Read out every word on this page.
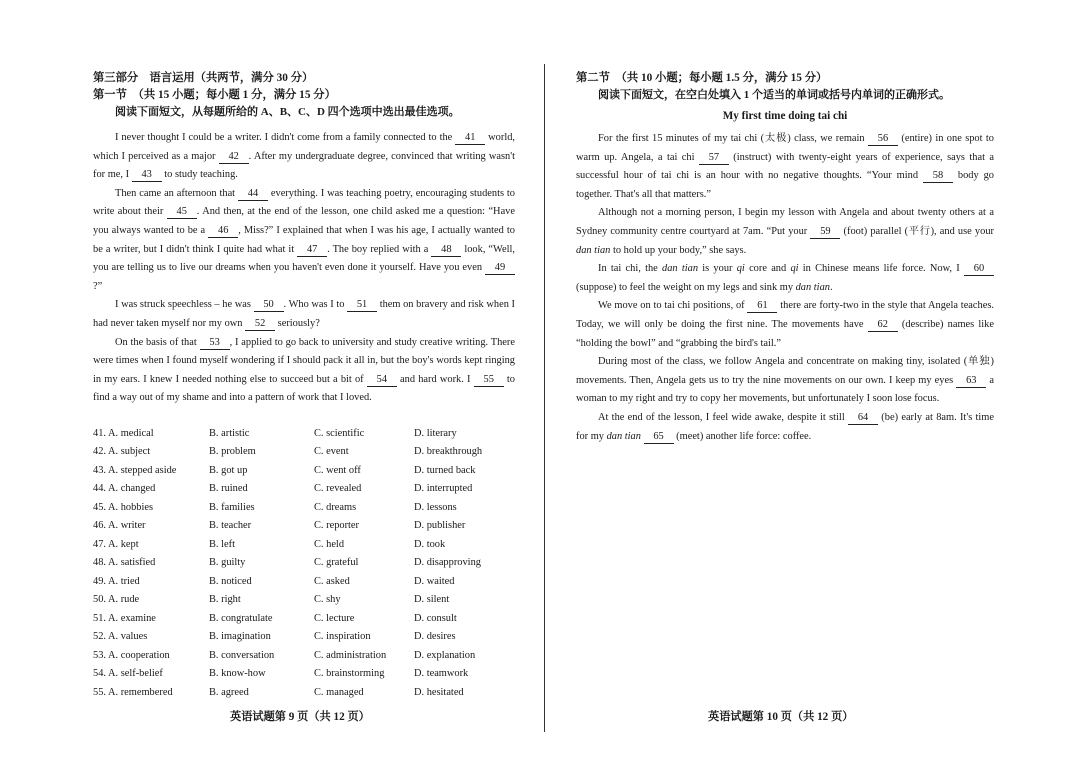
第三部分　语言运用（共两节，满分 30 分）
第一节　（共 15 小题；每小题 1 分，满分 15 分）
阅读下面短文，从每题所给的 A、B、C、D 四个选项中选出最佳选项。

I never thought I could be a writer. I didn't come from a family connected to the 41 world, which I perceived as a major 42 . After my undergraduate degree, convinced that writing wasn't for me, I 43 to study teaching.

Then came an afternoon that 44 everything. I was teaching poetry, encouraging students to write about their 45 . And then, at the end of the lesson, one child asked me a question: “Have you always wanted to be a 46 , Miss?” I explained that when I was his age, I actually wanted to be a writer, but I didn't think I quite had what it 47 . The boy replied with a 48 look, “Well, you are telling us to live our dreams when you haven't even done it yourself. Have you even 49 ?”

I was struck speechless – he was 50 . Who was I to 51 them on bravery and risk when I had never taken myself nor my own 52 seriously?

On the basis of that 53 , I applied to go back to university and study creative writing. There were times when I found myself wondering if I should pack it all in, but the boy's words kept ringing in my ears. I knew I needed nothing else to succeed but a bit of 54 and hard work. I 55 to find a way out of my shame and into a pattern of work that I loved.

41. A. medical	B. artistic	C. scientific	D. literary
42. A. subject	B. problem	C. event	D. breakthrough
43. A. stepped aside	B. got up	C. went off	D. turned back
44. A. changed	B. ruined	C. revealed	D. interrupted
45. A. hobbies	B. families	C. dreams	D. lessons
46. A. writer	B. teacher	C. reporter	D. publisher
47. A. kept	B. left	C. held	D. took
48. A. satisfied	B. guilty	C. grateful	D. disapproving
49. A. tried	B. noticed	C. asked	D. waited
50. A. rude	B. right	C. shy	D. silent
51. A. examine	B. congratulate	C. lecture	D. consult
52. A. values	B. imagination	C. inspiration	D. desires
53. A. cooperation	B. conversation	C. administration	D. explanation
54. A. self-belief	B. know-how	C. brainstorming	D. teamwork
55. A. remembered	B. agreed	C. managed	D. hesitated
英语试题第 9 页（共 12 页）
第二节　（共 10 小题；每小题 1.5 分，满分 15 分）
阅读下面短文，在空白处填入 1 个适当的单词或括号内单词的正确形式。
My first time doing tai chi

For the first 15 minutes of my tai chi (太极) class, we remain 56 (entire) in one spot to warm up. Angela, a tai chi 57 (instruct) with twenty-eight years of experience, says that a successful hour of tai chi is an hour with no negative thoughts. “Your mind 58 body go together. That's all that matters.”

Although not a morning person, I begin my lesson with Angela and about twenty others at a Sydney community centre courtyard at 7am. “Put your 59 (foot) parallel (平行), and use your dan tian to hold up your body,” she says.

In tai chi, the dan tian is your qi core and qi in Chinese means life force. Now, I 60 (suppose) to feel the weight on my legs and sink my dan tian.

We move on to tai chi positions, of 61 there are forty-two in the style that Angela teaches. Today, we will only be doing the first nine. The movements have 62 (describe) names like “holding the bowl” and “grabbing the bird's tail.”

During most of the class, we follow Angela and concentrate on making tiny, isolated (单独) movements. Then, Angela gets us to try the nine movements on our own. I keep my eyes 63 a woman to my right and try to copy her movements, but unfortunately I soon lose focus.

At the end of the lesson, I feel wide awake, despite it still 64 (be) early at 8am. It's time for my dan tian 65 (meet) another life force: coffee.

英语试题第 10 页（共 12 页）
